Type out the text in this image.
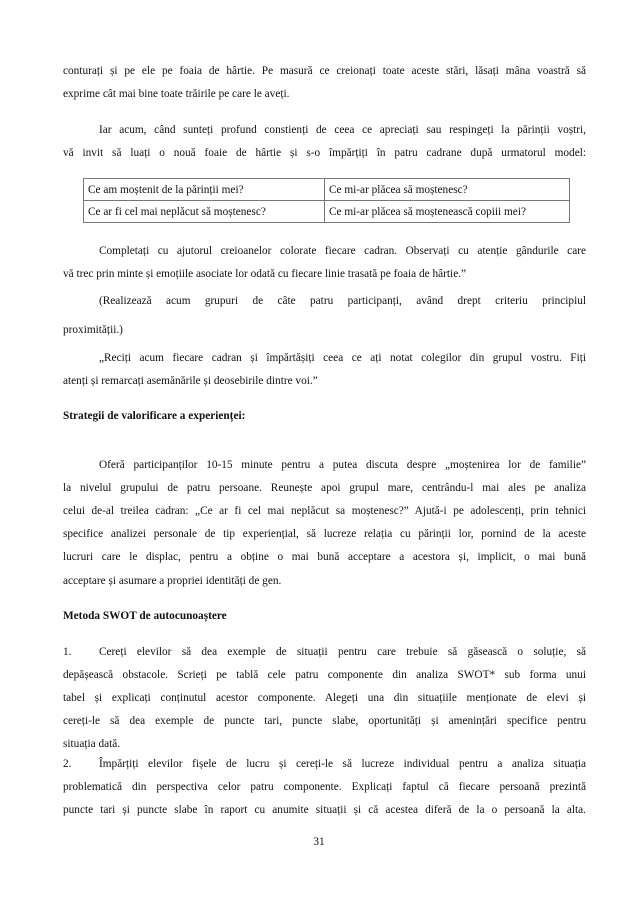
conturați și pe ele pe foaia de hârtie. Pe masură ce creionați toate aceste stări, lăsați mâna voastră să
exprime cât mai bine toate trăirile pe care le aveți.
Iar acum, când sunteți profund constienți de ceea ce apreciați sau respingeți la părinții voștri,
vă invit să luați o nouă foaie de hârtie și s-o împărțiți în patru cadrane după urmatorul model:
Ce am moștenit de la părinții mei?	Ce mi-ar plăcea să moștenesc?
Ce ar fi cel mai neplăcut să moștenesc?	Ce mi-ar plăcea să moștenească copiii mei?
Completați cu ajutorul creioanelor colorate fiecare cadran. Observați cu atenție gândurile care
vă trec prin minte și emoțiile asociate lor odată cu fiecare linie trasată pe foaia de hârtie.”
(Realizează acum grupuri de câte patru participanți, având drept criteriu principiul
proximității.)
„Reciți acum fiecare cadran și împărtășiți ceea ce ați notat colegilor din grupul vostru. Fiți
atenți și remarcați asemănările și deosebirile dintre voi.”
Strategii de valorificare a experienței:
Oferă participanților 10-15 minute pentru a putea discuta despre „moștenirea lor de familie”
la nivelul grupului de patru persoane. Reunește apoi grupul mare, centrându-l mai ales pe analiza
celui de-al treilea cadran: „Ce ar fi cel mai neplăcut sa moștenesc?” Ajută-i pe adolescenți, prin tehnici
specifice analizei personale de tip experiențial, să lucreze relația cu părinții lor, pornind de la aceste
lucruri care le displac, pentru a obține o mai bună acceptare a acestora și, implicit, o mai bună
acceptare și asumare a propriei identități de gen.
Metoda SWOT de autocunoaștere
1.	Cereți elevilor să dea exemple de situații pentru care trebuie să găsească o soluție, să
depășească obstacole. Scrieți pe tablă cele patru componente din analiza SWOT* sub forma unui
tabel și explicați conținutul acestor componente. Alegeți una din situațiile menționate de elevi și
cereți-le să dea exemple de puncte tari, puncte slabe, oportunități și amenințări specifice pentru
situația dată.
2.	Împărțiți elevilor fișele de lucru și cereți-le să lucreze individual pentru a analiza situația
problematică din perspectiva celor patru componente. Explicați faptul că fiecare persoană prezintă
puncte tari și puncte slabe în raport cu anumite situații și că acestea diferă de la o persoană la alta.
31
